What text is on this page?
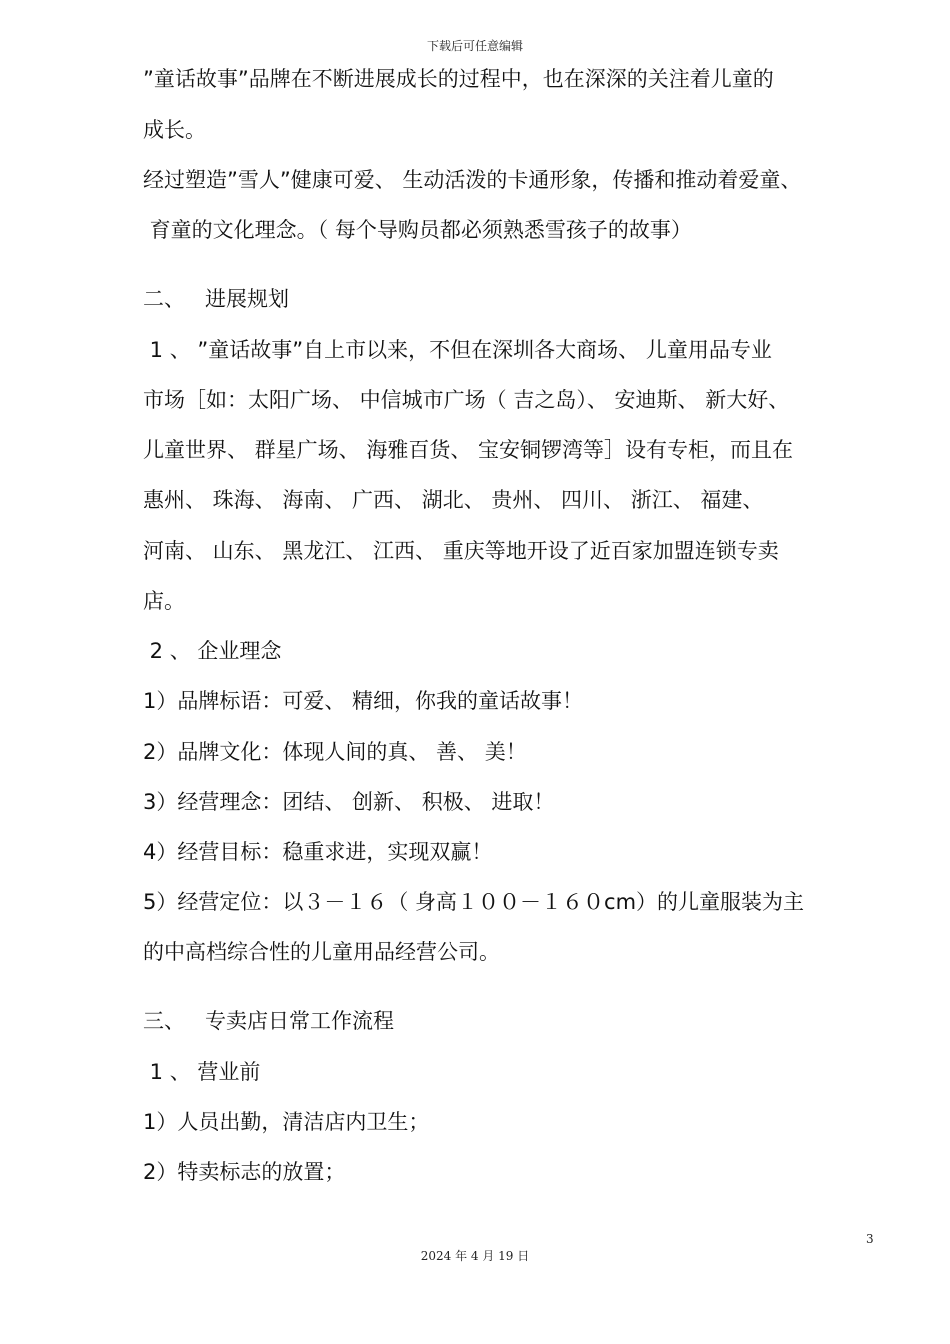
下载后可任意编辑
”童话故事”品牌在不断进展成长的过程中，也在深深的关注着儿童的
成长。
经过塑造”雪人”健康可爱、 生动活泼的卡通形象，传播和推动着爱童、
育童的文化理念。（ 每个导购员都必须熟悉雪孩子的故事）
二、   进展规划
1 、 ”童话故事”自上市以来，不但在深圳各大商场、 儿童用品专业
市场［如：太阳广场、 中信城市广场（ 吉之岛）、 安迪斯、 新大好、
儿童世界、 群星广场、 海雅百货、 宝安铜锣湾等］设有专柜，而且在
惠州、 珠海、 海南、 广西、 湖北、 贵州、 四川、 浙江、 福建、
河南、 山东、 黑龙江、 江西、 重庆等地开设了近百家加盟连锁专卖
店。
2 、 企业理念
1）品牌标语：可爱、 精细，你我的童话故事！
2）品牌文化：体现人间的真、 善、 美！
3）经营理念：团结、 创新、 积极、 进取！
4）经营目标：稳重求进，实现双赢！
5）经营定位：以３－１６（ 身高１００－１６０cm）的儿童服装为主
的中高档综合性的儿童用品经营公司。
三、   专卖店日常工作流程
1 、 营业前
1）人员出勤，清洁店内卫生；
2）特卖标志的放置；
3
2024 年 4 月 19 日
